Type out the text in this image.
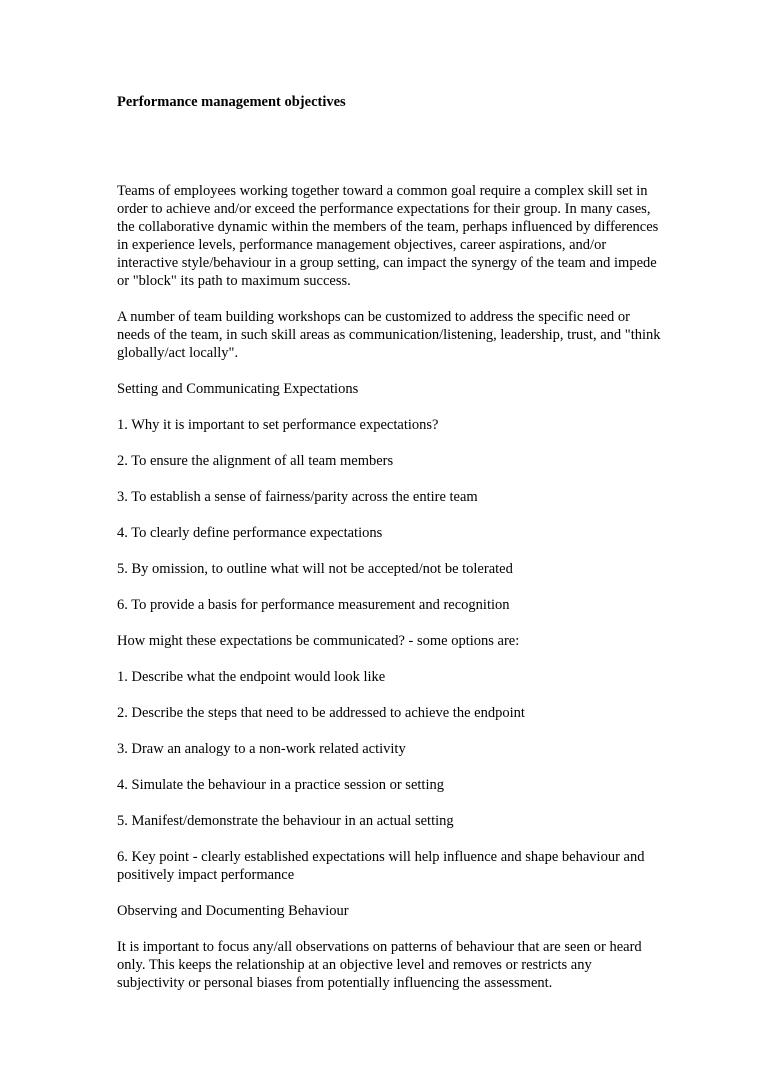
Performance management objectives

Teams of employees working together toward a common goal require a complex skill set in order to achieve and/or exceed the performance expectations for their group. In many cases, the collaborative dynamic within the members of the team, perhaps influenced by differences in experience levels, performance management objectives, career aspirations, and/or interactive style/behaviour in a group setting, can impact the synergy of the team and impede or "block" its path to maximum success.

A number of team building workshops can be customized to address the specific need or needs of the team, in such skill areas as communication/listening, leadership, trust, and "think globally/act locally".

Setting and Communicating Expectations

1. Why it is important to set performance expectations?

2. To ensure the alignment of all team members

3. To establish a sense of fairness/parity across the entire team

4. To clearly define performance expectations

5. By omission, to outline what will not be accepted/not be tolerated

6. To provide a basis for performance measurement and recognition

How might these expectations be communicated? - some options are:

1. Describe what the endpoint would look like

2. Describe the steps that need to be addressed to achieve the endpoint

3. Draw an analogy to a non-work related activity

4. Simulate the behaviour in a practice session or setting

5. Manifest/demonstrate the behaviour in an actual setting

6. Key point - clearly established expectations will help influence and shape behaviour and positively impact performance

Observing and Documenting Behaviour

It is important to focus any/all observations on patterns of behaviour that are seen or heard only. This keeps the relationship at an objective level and removes or restricts any subjectivity or personal biases from potentially influencing the assessment.
